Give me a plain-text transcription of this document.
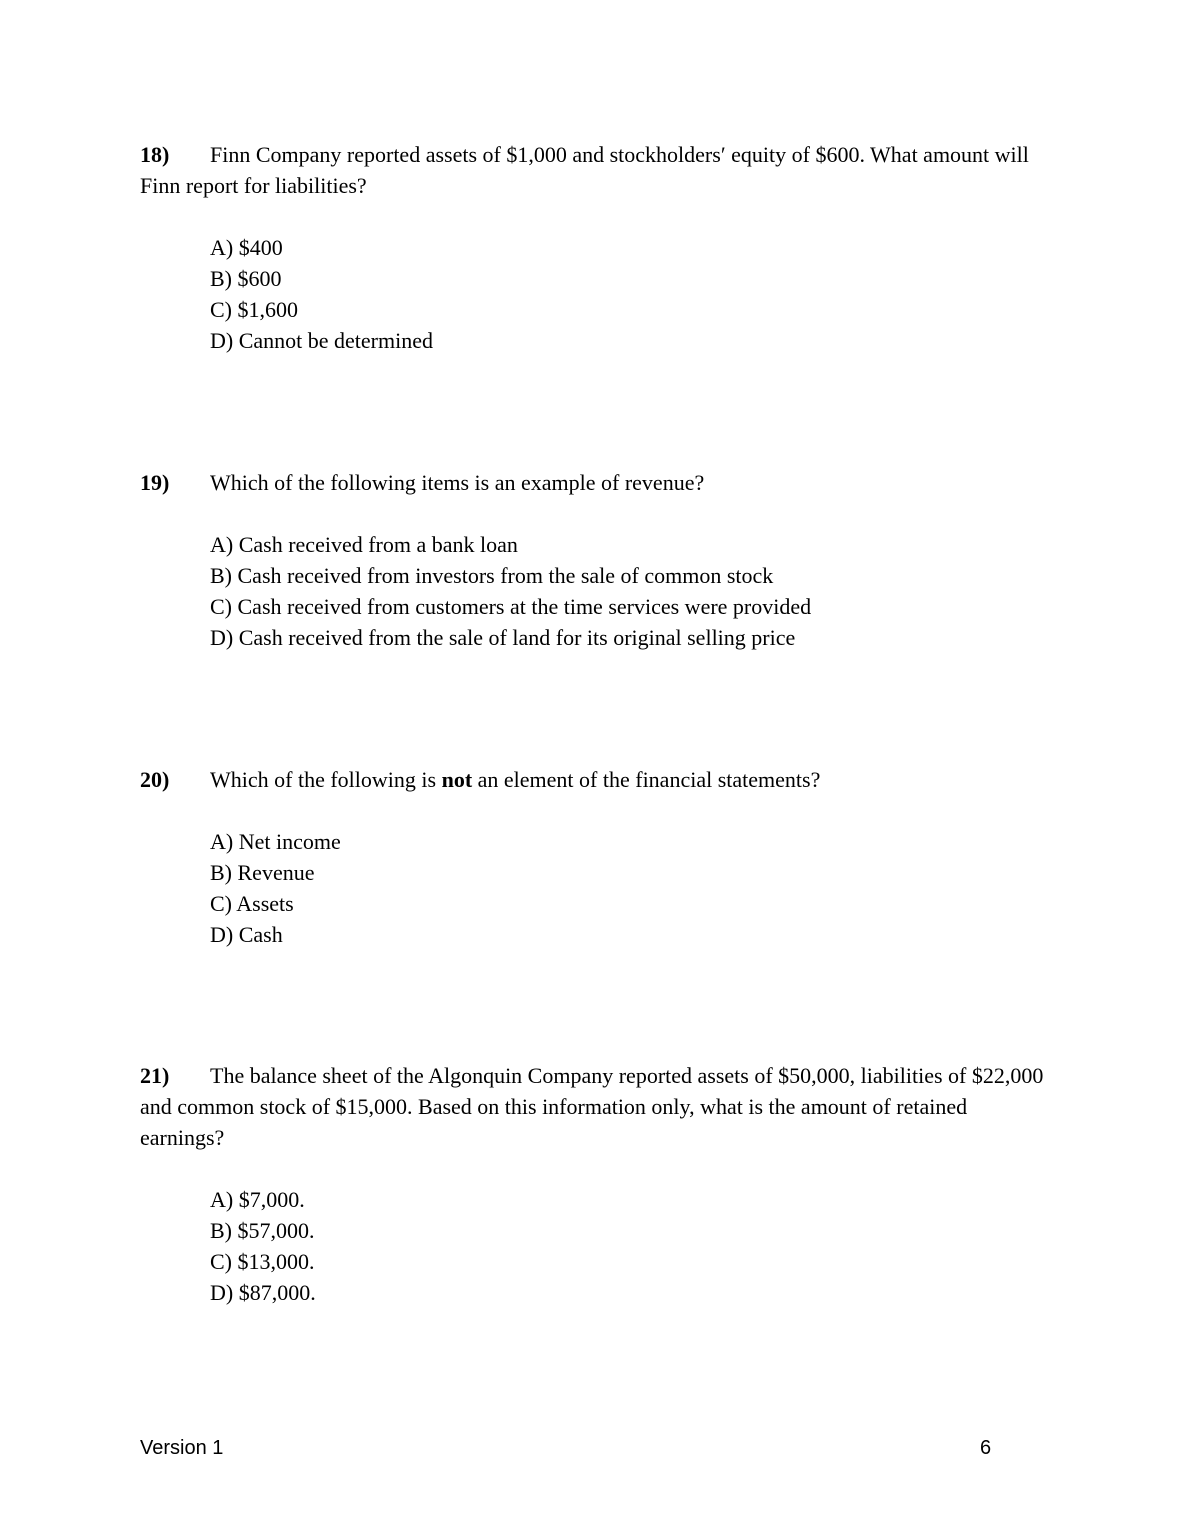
18) Finn Company reported assets of $1,000 and stockholders′ equity of $600. What amount will Finn report for liabilities?

A) $400
B) $600
C) $1,600
D) Cannot be determined

19) Which of the following items is an example of revenue?

A) Cash received from a bank loan
B) Cash received from investors from the sale of common stock
C) Cash received from customers at the time services were provided
D) Cash received from the sale of land for its original selling price

20) Which of the following is not an element of the financial statements?

A) Net income
B) Revenue
C) Assets
D) Cash

21) The balance sheet of the Algonquin Company reported assets of $50,000, liabilities of $22,000 and common stock of $15,000. Based on this information only, what is the amount of retained earnings?

A) $7,000.
B) $57,000.
C) $13,000.
D) $87,000.
Version 1	6
